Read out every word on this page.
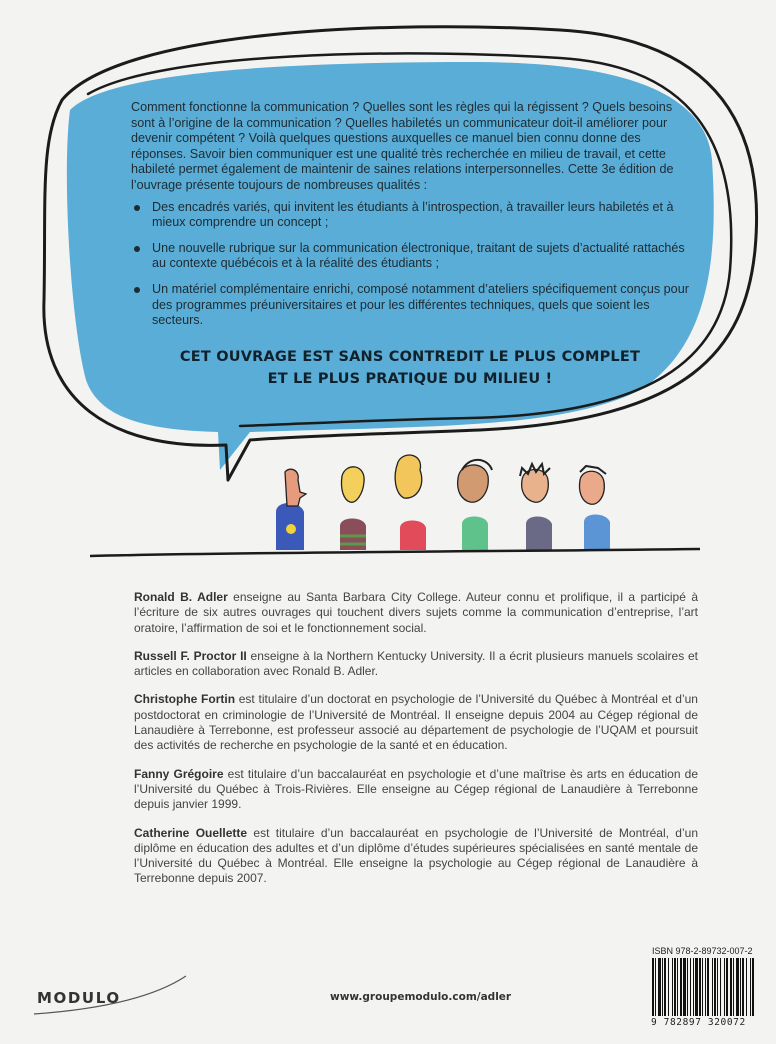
Comment fonctionne la communication ? Quelles sont les règles qui la régissent ? Quels besoins sont à l’origine de la communication ? Quelles habiletés un communicateur doit-il améliorer pour devenir compétent ? Voilà quelques questions auxquelles ce manuel bien connu donne des réponses. Savoir bien communiquer est une qualité très recherchée en milieu de travail, et cette habileté permet également de maintenir de saines relations interpersonnelles. Cette 3e édition de l’ouvrage présente toujours de nombreuses qualités :

Des encadrés variés, qui invitent les étudiants à l’introspection, à travailler leurs habiletés et à mieux comprendre un concept ;
Une nouvelle rubrique sur la communication électronique, traitant de sujets d’actualité rattachés au contexte québécois et à la réalité des étudiants ;
Un matériel complémentaire enrichi, composé notamment d’ateliers spécifiquement conçus pour des programmes préuniversitaires et pour les différentes techniques, quels que soient les secteurs.
CET OUVRAGE EST SANS CONTREDIT LE PLUS COMPLET
ET LE PLUS PRATIQUE DU MILIEU !

Ronald B. Adler enseigne au Santa Barbara City College. Auteur connu et prolifique, il a participé à l’écriture de six autres ouvrages qui touchent divers sujets comme la communication d’entreprise, l’art oratoire, l’affirmation de soi et le fonctionnement social.

Russell F. Proctor II enseigne à la Northern Kentucky University. Il a écrit plusieurs manuels scolaires et articles en collaboration avec Ronald B. Adler.

Christophe Fortin est titulaire d’un doctorat en psychologie de l’Université du Québec à Montréal et d’un postdoctorat en criminologie de l’Université de Montréal. Il enseigne depuis 2004 au Cégep régional de Lanaudière à Terrebonne, est professeur associé au département de psychologie de l’UQAM et poursuit des activités de recherche en psychologie de la santé et en éducation.

Fanny Grégoire est titulaire d’un baccalauréat en psychologie et d’une maîtrise ès arts en éducation de l’Université du Québec à Trois-Rivières. Elle enseigne au Cégep régional de Lanaudière à Terrebonne depuis janvier 1999.

Catherine Ouellette est titulaire d’un baccalauréat en psychologie de l’Université de Montréal, d’un diplôme en éducation des adultes et d’un diplôme d’études supérieures spécialisées en santé mentale de l’Université du Québec à Montréal. Elle enseigne la psychologie au Cégep régional de Lanaudière à Terrebonne depuis 2007.

ISBN 978-2-89732-007-2
9 782897 320072
MODULO	www.groupemodulo.com/adler
